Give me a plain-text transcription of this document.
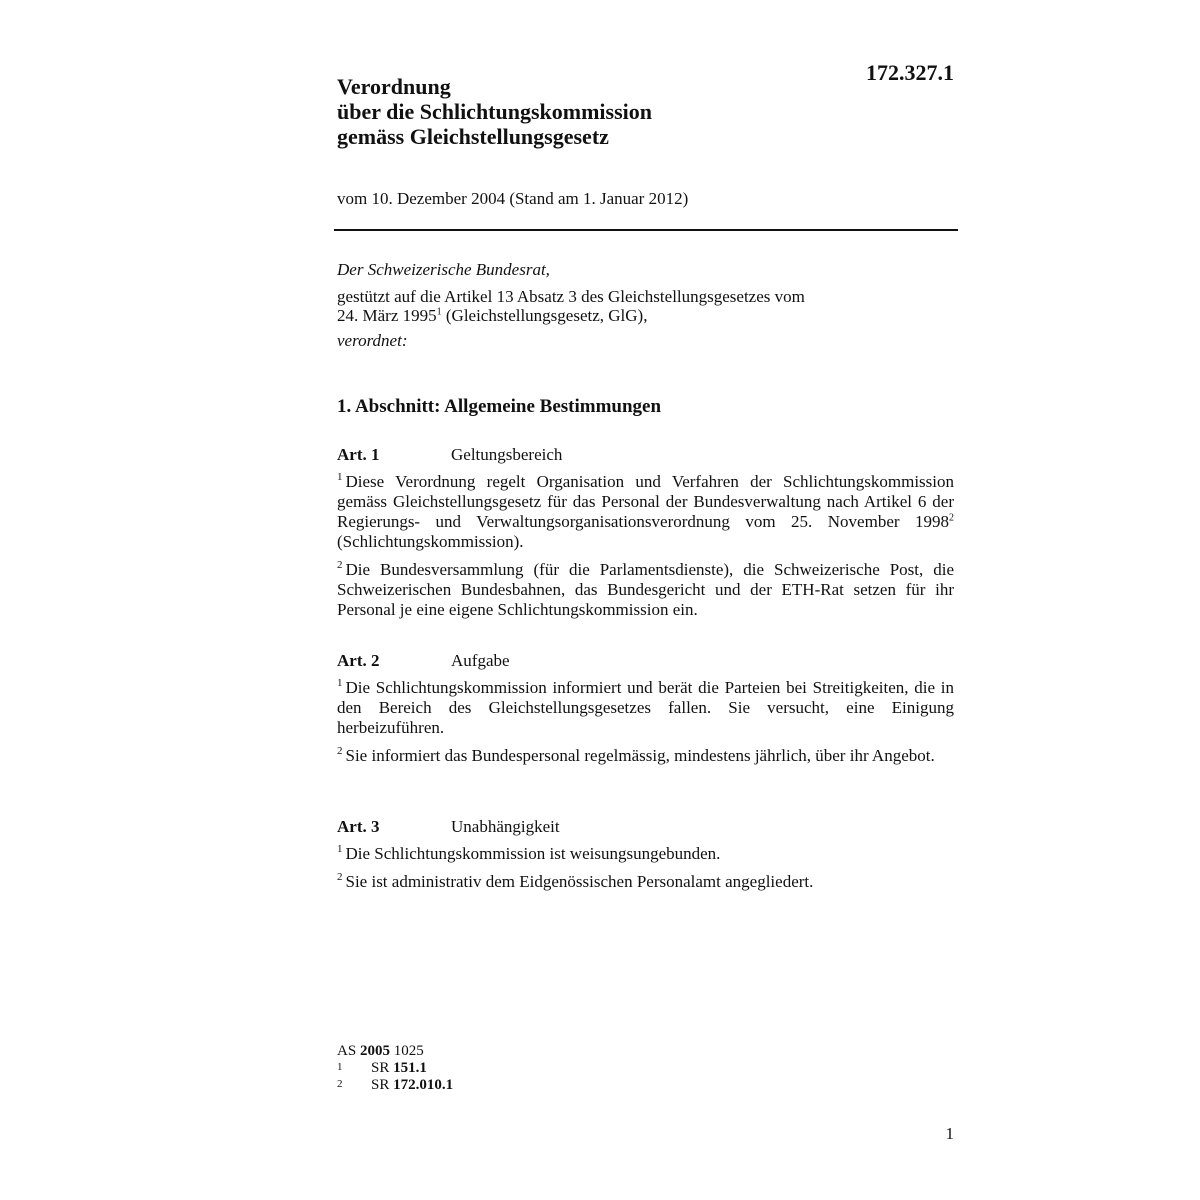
172.327.1
Verordnung
über die Schlichtungskommission
gemäss Gleichstellungsgesetz
vom 10. Dezember 2004 (Stand am 1. Januar 2012)
Der Schweizerische Bundesrat,
gestützt auf die Artikel 13 Absatz 3 des Gleichstellungsgesetzes vom
24. März 1995$^1$ (Gleichstellungsgesetz, GlG),
verordnet:
1. Abschnitt: Allgemeine Bestimmungen
Art. 1	Geltungsbereich
$^1$ Diese Verordnung regelt Organisation und Verfahren der Schlichtungskommission gemäss Gleichstellungsgesetz für das Personal der Bundesverwaltung nach Artikel 6 der Regierungs- und Verwaltungsorganisationsverordnung vom 25. November 1998$^2$ (Schlichtungskommission).
$^2$ Die Bundesversammlung (für die Parlamentsdienste), die Schweizerische Post, die Schweizerischen Bundesbahnen, das Bundesgericht und der ETH-Rat setzen für ihr Personal je eine eigene Schlichtungskommission ein.
Art. 2	Aufgabe
$^1$ Die Schlichtungskommission informiert und berät die Parteien bei Streitigkeiten, die in den Bereich des Gleichstellungsgesetzes fallen. Sie versucht, eine Einigung herbeizuführen.
$^2$ Sie informiert das Bundespersonal regelmässig, mindestens jährlich, über ihr Angebot.
Art. 3	Unabhängigkeit
$^1$ Die Schlichtungskommission ist weisungsungebunden.
$^2$ Sie ist administrativ dem Eidgenössischen Personalamt angegliedert.
AS
2005
1025
1	SR
151.1
2	SR
172.010.1
1
